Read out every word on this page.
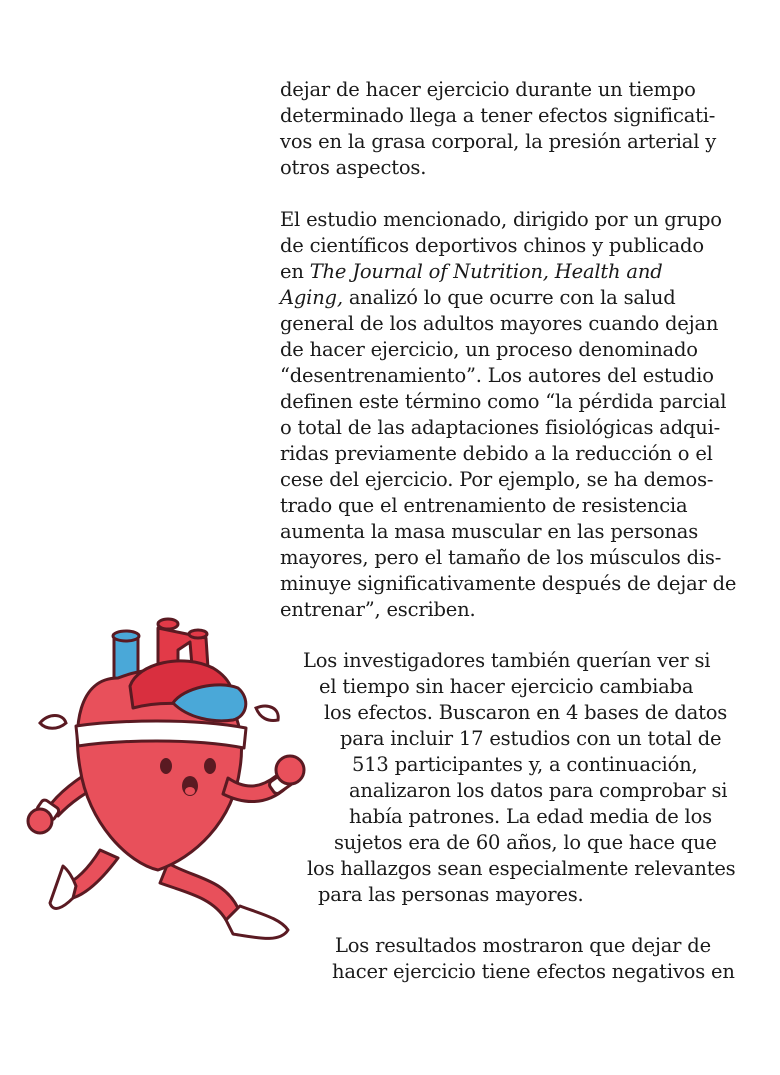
dejar de hacer ejercicio durante un tiempo
determinado llega a tener efectos significati-
vos en la grasa corporal, la presión arterial y
otros aspectos.
El estudio mencionado, dirigido por un grupo
de científicos deportivos chinos y publicado
en The Journal of Nutrition, Health and
Aging, analizó lo que ocurre con la salud
general de los adultos mayores cuando dejan
de hacer ejercicio, un proceso denominado
“desentrenamiento”. Los autores del estudio
definen este término como “la pérdida parcial
o total de las adaptaciones fisiológicas adqui-
ridas previamente debido a la reducción o el
cese del ejercicio. Por ejemplo, se ha demos-
trado que el entrenamiento de resistencia
aumenta la masa muscular en las personas
mayores, pero el tamaño de los músculos dis-
minuye significativamente después de dejar de
entrenar”, escriben.
Los investigadores también querían ver si
el tiempo sin hacer ejercicio cambiaba
los efectos. Buscaron en 4 bases de datos
para incluir 17 estudios con un total de
513 participantes y, a continuación,
analizaron los datos para comprobar si
había patrones. La edad media de los
sujetos era de 60 años, lo que hace que
los hallazgos sean especialmente relevantes
para las personas mayores.
Los resultados mostraron que dejar de
hacer ejercicio tiene efectos negativos en
